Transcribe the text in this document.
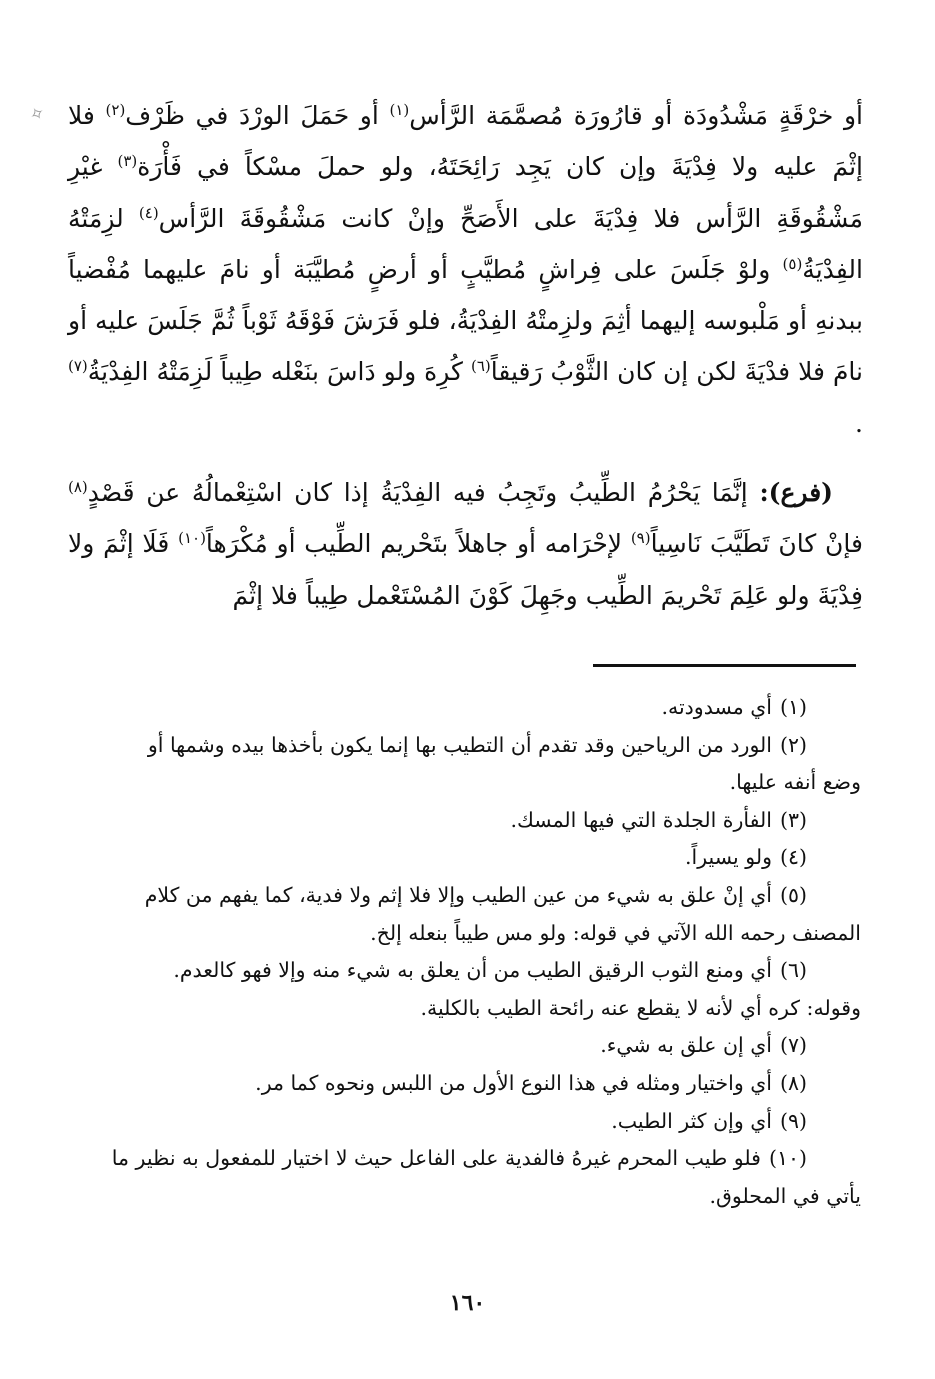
✧	أو خرْقَةٍ مَشْدُودَة أو قارُورَة مُصمَّمَة الرَّأس$^{(١)}$ أو حَمَلَ الورْدَ في ظَرْف$^{(٢)}$ فلا إثْمَ عليه ولا فِدْيَةَ وإن كان يَجِد رَائِحَتَهُ، ولو حملَ مسْكاً في فَأْرَة$^{(٣)}$ غيْرِ مَشْقُوقَةِ الرَّأس فلا فِدْيَةَ على الأَصَحِّ وإنْ كانت مَشْقُوقَةَ الرَّأس$^{(٤)}$ لزِمَتْهُ الفِدْيَةُ$^{(٥)}$ ولوْ جَلَسَ على فِراشٍ مُطيَّبٍ أو أرضٍ مُطيَّبَة أو نامَ عليهما مُفْضياً ببدنهِ أو مَلْبوسه إليهما أثِمَ ولزِمتْهُ الفِدْيَةُ، فلو فَرَشَ فَوْقَهُ ثَوْباً ثُمَّ جَلَسَ عليه أو نامَ فلا فدْيَةَ لكن إن كان الثَّوْبُ رَقيقاً$^{(٦)}$ كُرِهَ ولو دَاسَ بنَعْله طِيباً لَزِمَتْهُ الفِدْيَةُ$^{(٧)}$ .

(فرع): إنَّمَا يَحْرُمُ الطِّيبُ وتَجِبُ فيه الفِدْيَةُ إذا كان اسْتِعْمالُهُ عن قَصْدٍ$^{(٨)}$ فإنْ كانَ تَطَيَّبَ نَاسِياً$^{(٩)}$ لإحْرَامه أو جاهلاً بتَحْريم الطِّيب أو مُكْرَهاً$^{(١٠)}$ فَلَا إثْمَ ولا فِدْيَةَ ولو عَلِمَ تَحْريمَ الطِّيب وجَهِلَ كَوْنَ المُسْتَعْمل طِيباً فلا إثْمَ

(١)أي مسدودته.

(٢)الورد من الرياحين وقد تقدم أن التطيب بها إنما يكون بأخذها بيده وشمها أو

وضع أنفه عليها.

(٣)الفأرة الجلدة التي فيها المسك.

(٤)ولو يسيراً.

(٥)أي إنْ علق به شيء من عين الطيب وإلا فلا إثم ولا فدية، كما يفهم من كلام

المصنف رحمه الله الآتي في قوله: ولو مس طيباً بنعله إلخ.

(٦)أي ومنع الثوب الرقيق الطيب من أن يعلق به شيء منه وإلا فهو كالعدم.

وقوله: كره أي لأنه لا يقطع عنه رائحة الطيب بالكلية.

(٧)أي إن علق به شيء.

(٨)أي واختيار ومثله في هذا النوع الأول من اللبس ونحوه كما مر.

(٩)أي وإن كثر الطيب.

(١٠)فلو طيب المحرم غيرهُ فالفدية على الفاعل حيث لا اختيار للمفعول به نظير ما

يأتي في المحلوق.

١٦٠
